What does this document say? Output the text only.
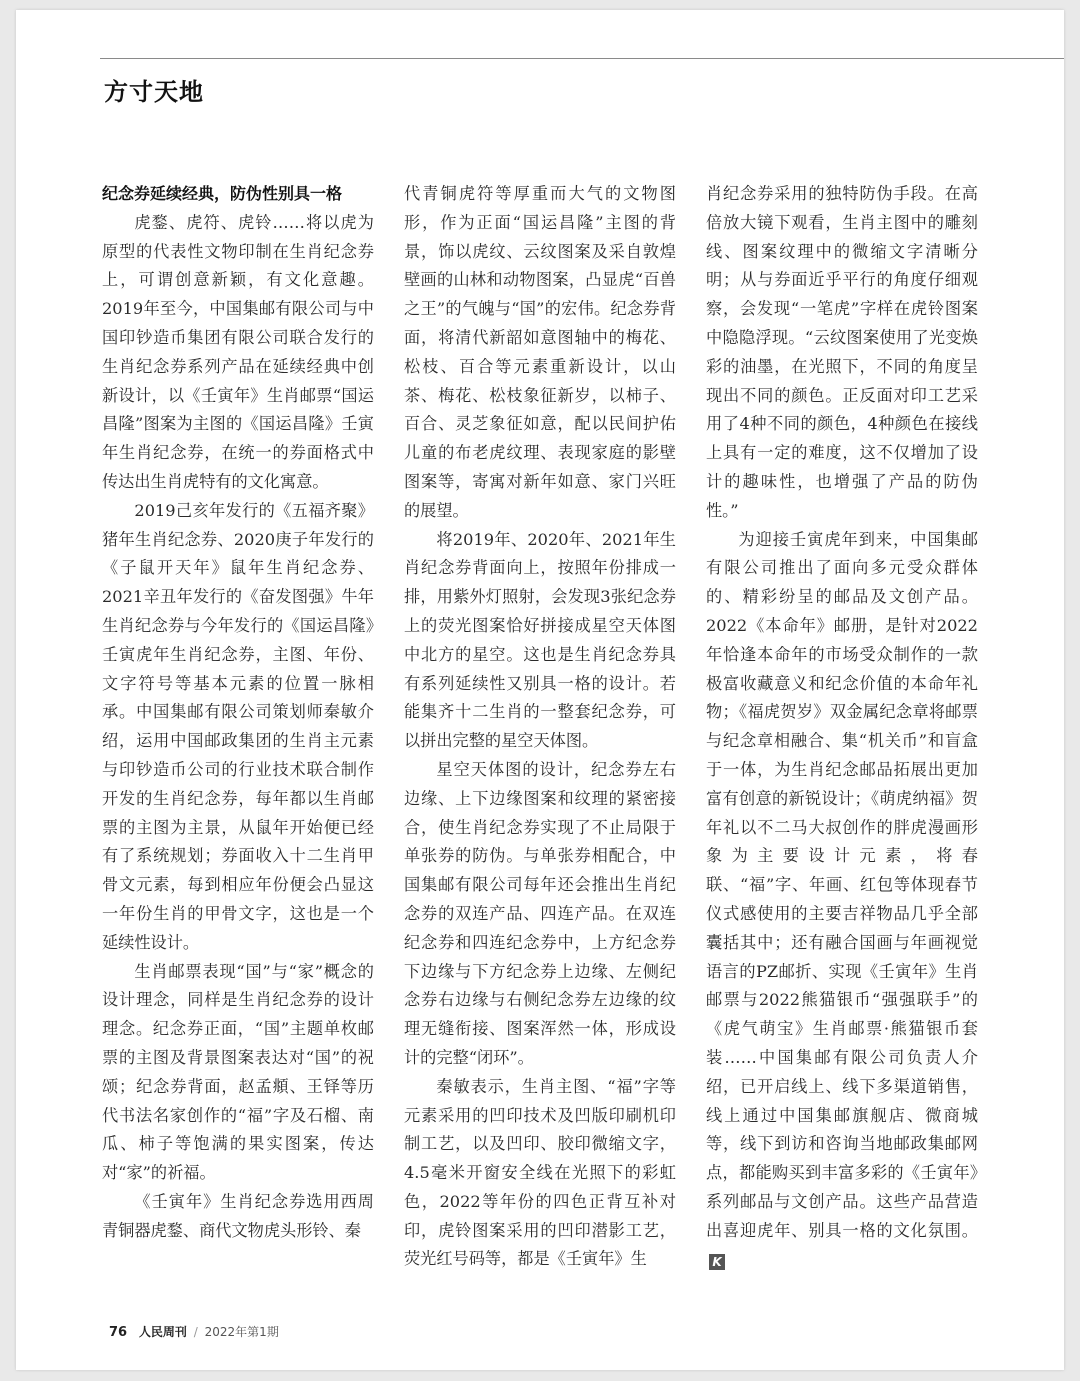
方寸天地

纪念券延续经典，防伪性别具一格

虎鍪、虎符、虎铃……将以虎为原型的代表性文物印制在生肖纪念券上，可谓创意新颖，有文化意趣。2019年至今，中国集邮有限公司与中国印钞造币集团有限公司联合发行的生肖纪念券系列产品在延续经典中创新设计，以《壬寅年》生肖邮票“国运昌隆”图案为主图的《国运昌隆》壬寅年生肖纪念券，在统一的券面格式中传达出生肖虎特有的文化寓意。

2019己亥年发行的《五福齐聚》猪年生肖纪念券、2020庚子年发行的《子鼠开天年》鼠年生肖纪念券、2021辛丑年发行的《奋发图强》牛年生肖纪念券与今年发行的《国运昌隆》壬寅虎年生肖纪念券，主图、年份、文字符号等基本元素的位置一脉相承。中国集邮有限公司策划师秦敏介绍，运用中国邮政集团的生肖主元素与印钞造币公司的行业技术联合制作开发的生肖纪念券，每年都以生肖邮票的主图为主景，从鼠年开始便已经有了系统规划；券面收入十二生肖甲骨文元素，每到相应年份便会凸显这一年份生肖的甲骨文字，这也是一个延续性设计。

生肖邮票表现“国”与“家”概念的设计理念，同样是生肖纪念券的设计理念。纪念券正面，“国”主题单枚邮票的主图及背景图案表达对“国”的祝颂；纪念券背面，赵孟頫、王铎等历代书法名家创作的“福”字及石榴、南瓜、柿子等饱满的果实图案，传达对“家”的祈福。

《壬寅年》生肖纪念券选用西周青铜器虎鍪、商代文物虎头形铃、秦

代青铜虎符等厚重而大气的文物图形，作为正面“国运昌隆”主图的背景，饰以虎纹、云纹图案及采自敦煌壁画的山林和动物图案，凸显虎“百兽之王”的气魄与“国”的宏伟。纪念券背面，将清代新韶如意图轴中的梅花、松枝、百合等元素重新设计，以山茶、梅花、松枝象征新岁，以柿子、百合、灵芝象征如意，配以民间护佑儿童的布老虎纹理、表现家庭的影壁图案等，寄寓对新年如意、家门兴旺的展望。

将2019年、2020年、2021年生肖纪念券背面向上，按照年份排成一排，用紫外灯照射，会发现3张纪念券上的荧光图案恰好拼接成星空天体图中北方的星空。这也是生肖纪念券具有系列延续性又别具一格的设计。若能集齐十二生肖的一整套纪念券，可以拼出完整的星空天体图。

星空天体图的设计，纪念券左右边缘、上下边缘图案和纹理的紧密接合，使生肖纪念券实现了不止局限于单张券的防伪。与单张券相配合，中国集邮有限公司每年还会推出生肖纪念券的双连产品、四连产品。在双连纪念券和四连纪念券中，上方纪念券下边缘与下方纪念券上边缘、左侧纪念券右边缘与右侧纪念券左边缘的纹理无缝衔接、图案浑然一体，形成设计的完整“闭环”。

秦敏表示，生肖主图、“福”字等元素采用的凹印技术及凹版印刷机印制工艺，以及凹印、胶印微缩文字，4.5毫米开窗安全线在光照下的彩虹色，2022等年份的四色正背互补对印，虎铃图案采用的凹印潜影工艺，荧光红号码等，都是《壬寅年》生

肖纪念券采用的独特防伪手段。在高倍放大镜下观看，生肖主图中的雕刻线、图案纹理中的微缩文字清晰分明；从与券面近乎平行的角度仔细观察，会发现“一笔虎”字样在虎铃图案中隐隐浮现。“云纹图案使用了光变焕彩的油墨，在光照下，不同的角度呈现出不同的颜色。正反面对印工艺采用了4种不同的颜色，4种颜色在接线上具有一定的难度，这不仅增加了设计的趣味性，也增强了产品的防伪性。”

为迎接壬寅虎年到来，中国集邮有限公司推出了面向多元受众群体的、精彩纷呈的邮品及文创产品。2022《本命年》邮册，是针对2022年恰逢本命年的市场受众制作的一款极富收藏意义和纪念价值的本命年礼物；《福虎贺岁》双金属纪念章将邮票与纪念章相融合、集“机关币”和盲盒于一体，为生肖纪念邮品拓展出更加富有创意的新锐设计；《萌虎纳福》贺年礼以不二马大叔创作的胖虎漫画形象为主要设计元素，将春联、“福”字、年画、红包等体现春节仪式感使用的主要吉祥物品几乎全部囊括其中；还有融合国画与年画视觉语言的PZ邮折、实现《壬寅年》生肖邮票与2022熊猫银币“强强联手”的《虎气萌宝》生肖邮票·熊猫银币套装……中国集邮有限公司负责人介绍，已开启线上、线下多渠道销售，线上通过中国集邮旗舰店、微商城等，线下到访和咨询当地邮政集邮网点，都能购买到丰富多彩的《壬寅年》系列邮品与文创产品。这些产品营造出喜迎虎年、别具一格的文化氛围。K

76 人民周刊 / 2022年第1期
